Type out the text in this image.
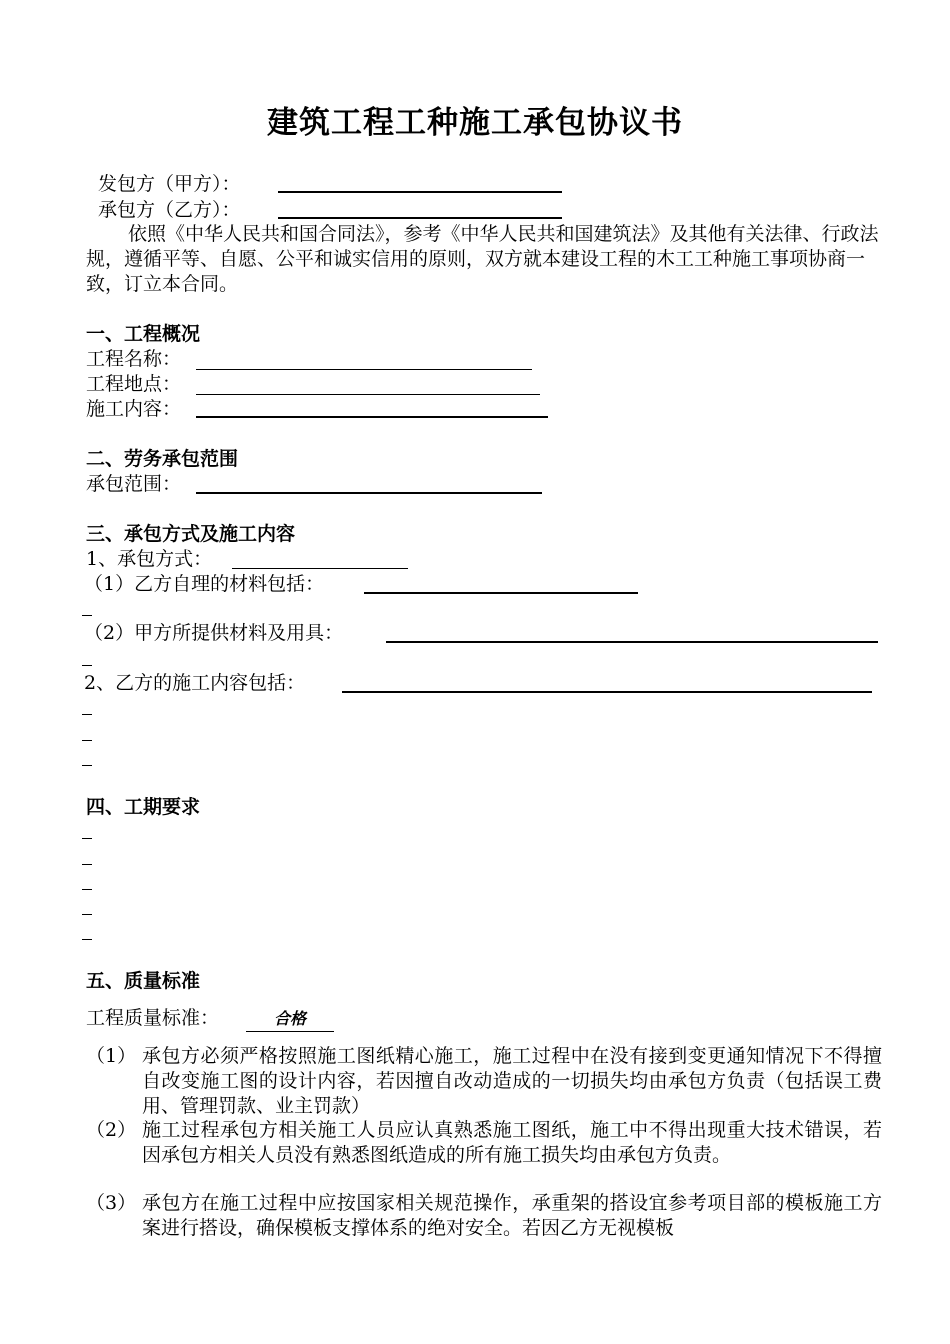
建筑工程工种施工承包协议书
发包方（甲方）：
承包方（乙方）：
依照《中华人民共和国合同法》，参考《中华人民共和国建筑法》及其他有关法律、行政法规，遵循平等、自愿、公平和诚实信用的原则，双方就本建设工程的木工工种施工事项协商一致，订立本合同。
一、工程概况
工程名称：
工程地点：
施工内容：
二、劳务承包范围
承包范围：
三、承包方式及施工内容
1、承包方式：
（1）乙方自理的材料包括：
（2）甲方所提供材料及用具：
2、乙方的施工内容包括：
四、工期要求
五、质量标准
工程质量标准：	合格
（1） 承包方必须严格按照施工图纸精心施工，施工过程中在没有接到变更通知情况下不得擅自改变施工图的设计内容，若因擅自改动造成的一切损失均由承包方负责（包括误工费用、管理罚款、业主罚款）
（2） 施工过程承包方相关施工人员应认真熟悉施工图纸，施工中不得出现重大技术错误，若因承包方相关人员没有熟悉图纸造成的所有施工损失均由承包方负责。
（3） 承包方在施工过程中应按国家相关规范操作，承重架的搭设宜参考项目部的模板施工方案进行搭设，确保模板支撑体系的绝对安全。若因乙方无视模板
